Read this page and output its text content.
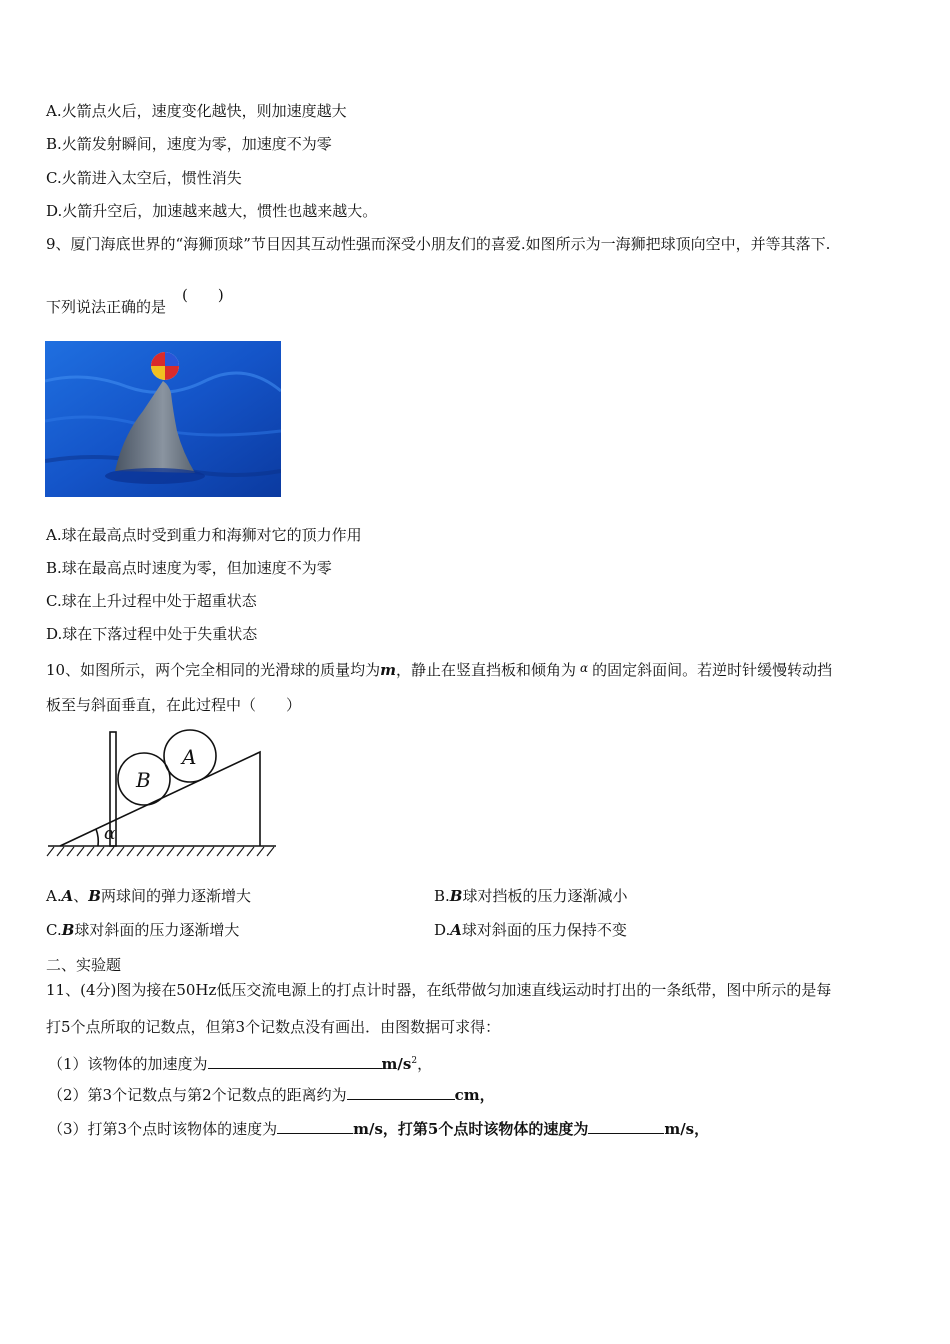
A.火箭点火后，速度变化越快，则加速度越大
B.火箭发射瞬间，速度为零，加速度不为零
C.火箭进入太空后，惯性消失
D.火箭升空后，加速越来越大，惯性也越来越大。
9、厦门海底世界的“海狮顶球”节目因其互动性强而深受小朋友们的喜爱.如图所示为一海狮把球顶向空中，并等其落下.
下列说法正确的是
(　　)
A.球在最高点时受到重力和海狮对它的顶力作用
B.球在最高点时速度为零，但加速度不为零
C.球在上升过程中处于超重状态
D.球在下落过程中处于失重状态
10、如图所示，两个完全相同的光滑球的质量均为m，静止在竖直挡板和倾角为 $^\alpha$ 的固定斜面间。若逆时针缓慢转动挡
板至与斜面垂直，在此过程中（　　）
B
A
α
A.A、B两球间的弹力逐渐增大	B.B球对挡板的压力逐渐减小
C.B球对斜面的压力逐渐增大	D.A球对斜面的压力保持不变
二、实验题
11、(4分)图为接在50Hz低压交流电源上的打点计时器，在纸带做匀加速直线运动时打出的一条纸带，图中所示的是每
打5个点所取的记数点，但第3个记数点没有画出．由图数据可求得：
（1）该物体的加速度为	$m/s^2$，
（2）第3个记数点与第2个记数点的距离约为	cm，
（3）打第3个点时该物体的速度为	m/s，打第5个点时该物体的速度为	m/s，
